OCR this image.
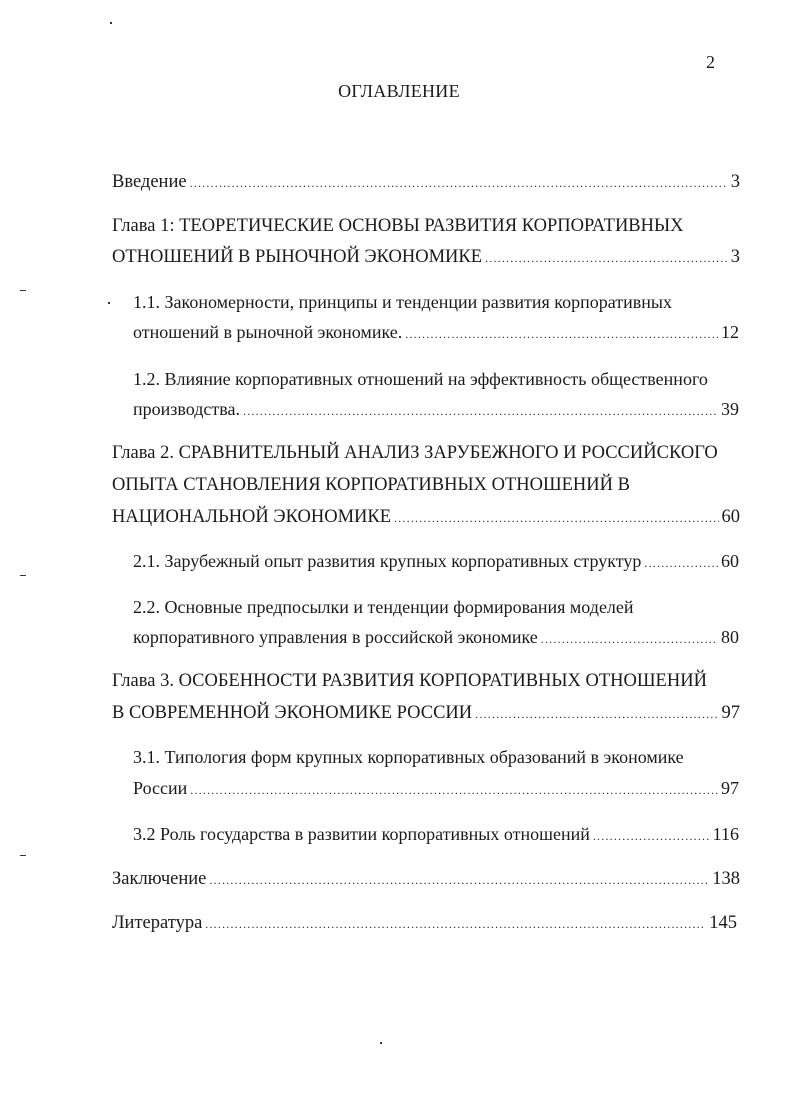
2
ОГЛАВЛЕНИЕ
Введение .....	3
Глава 1: ТЕОРЕТИЧЕСКИЕ ОСНОВЫ РАЗВИТИЯ КОРПОРАТИВНЫХ
ОТНОШЕНИЙ В РЫНОЧНОЙ ЭКОНОМИКЕ .....	3
1.1. Закономерности, принципы и тенденции развития корпоративных
отношений в рыночной экономике. .....	12
1.2. Влияние корпоративных отношений на эффективность общественного
производства. .....	39
Глава 2. СРАВНИТЕЛЬНЫЙ АНАЛИЗ ЗАРУБЕЖНОГО И РОССИЙСКОГО
ОПЫТА СТАНОВЛЕНИЯ КОРПОРАТИВНЫХ ОТНОШЕНИЙ В
НАЦИОНАЛЬНОЙ ЭКОНОМИКЕ .....	60
2.1. Зарубежный опыт развития крупных корпоративных структур .....	60
2.2. Основные предпосылки и тенденции формирования моделей
корпоративного управления в российской экономике .....	80
Глава 3. ОСОБЕННОСТИ РАЗВИТИЯ КОРПОРАТИВНЫХ ОТНОШЕНИЙ
В СОВРЕМЕННОЙ ЭКОНОМИКЕ РОССИИ .....	97
3.1. Типология форм крупных корпоративных образований в экономике
России .....	97
3.2 Роль государства в развитии корпоративных отношений .....	116
Заключение .....	138
Литература .....	145
